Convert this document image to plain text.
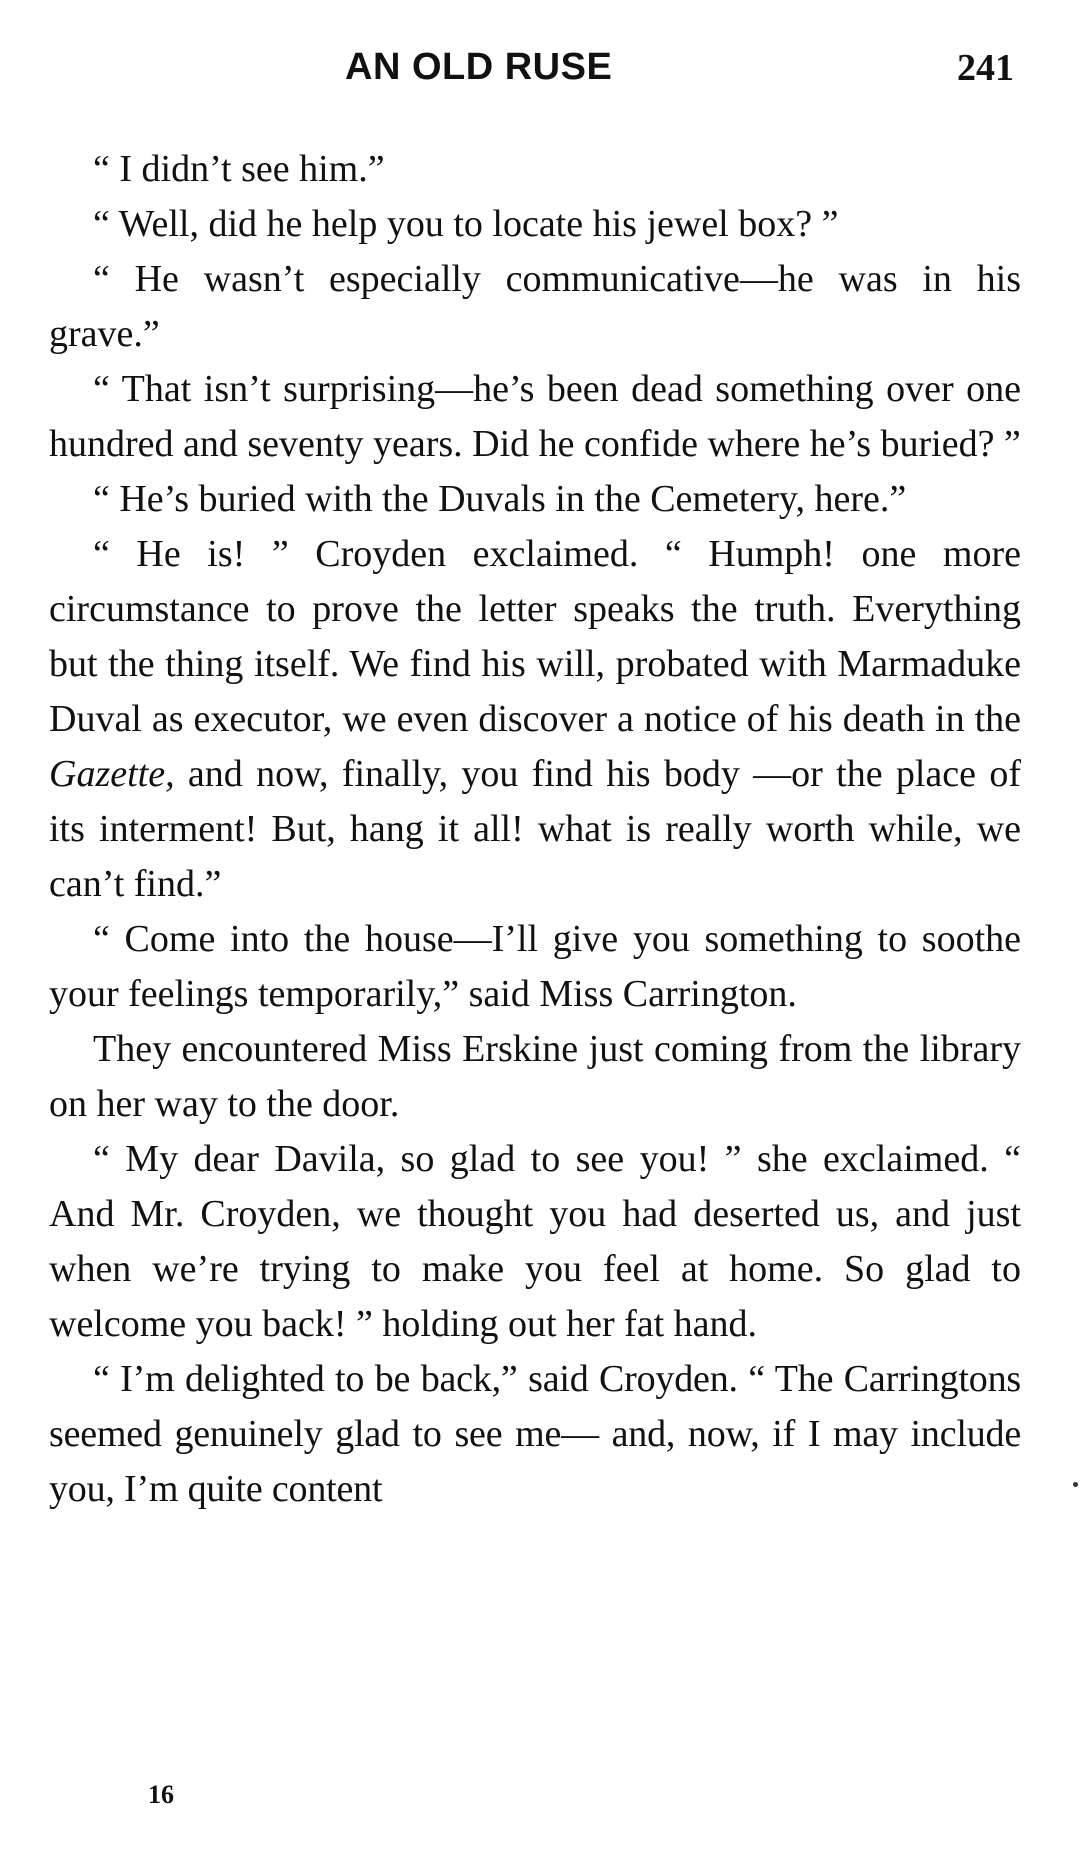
AN OLD RUSE	241

“ I didn’t see him.”

“ Well, did he help you to locate his jewel box? ”

“ He wasn’t especially communicative—he was in his grave.”

“ That isn’t surprising—he’s been dead something over one hundred and seventy years. Did he confide where he’s buried? ”

“ He’s buried with the Duvals in the Cemetery, here.”

“ He is! ” Croyden exclaimed. “ Humph! one more circumstance to prove the letter speaks the truth. Everything but the thing itself. We find his will, probated with Marmaduke Duval as executor, we even discover a notice of his death in the Gazette, and now, finally, you find his body —or the place of its interment! But, hang it all! what is really worth while, we can’t find.”

“ Come into the house—I’ll give you something to soothe your feelings temporarily,” said Miss Carrington.

They encountered Miss Erskine just coming from the library on her way to the door.

“ My dear Davila, so glad to see you! ” she exclaimed. “ And Mr. Croyden, we thought you had deserted us, and just when we’re trying to make you feel at home. So glad to welcome you back! ” holding out her fat hand.

“ I’m delighted to be back,” said Croyden. “ The Carringtons seemed genuinely glad to see me— and, now, if I may include you, I’m quite content

16
